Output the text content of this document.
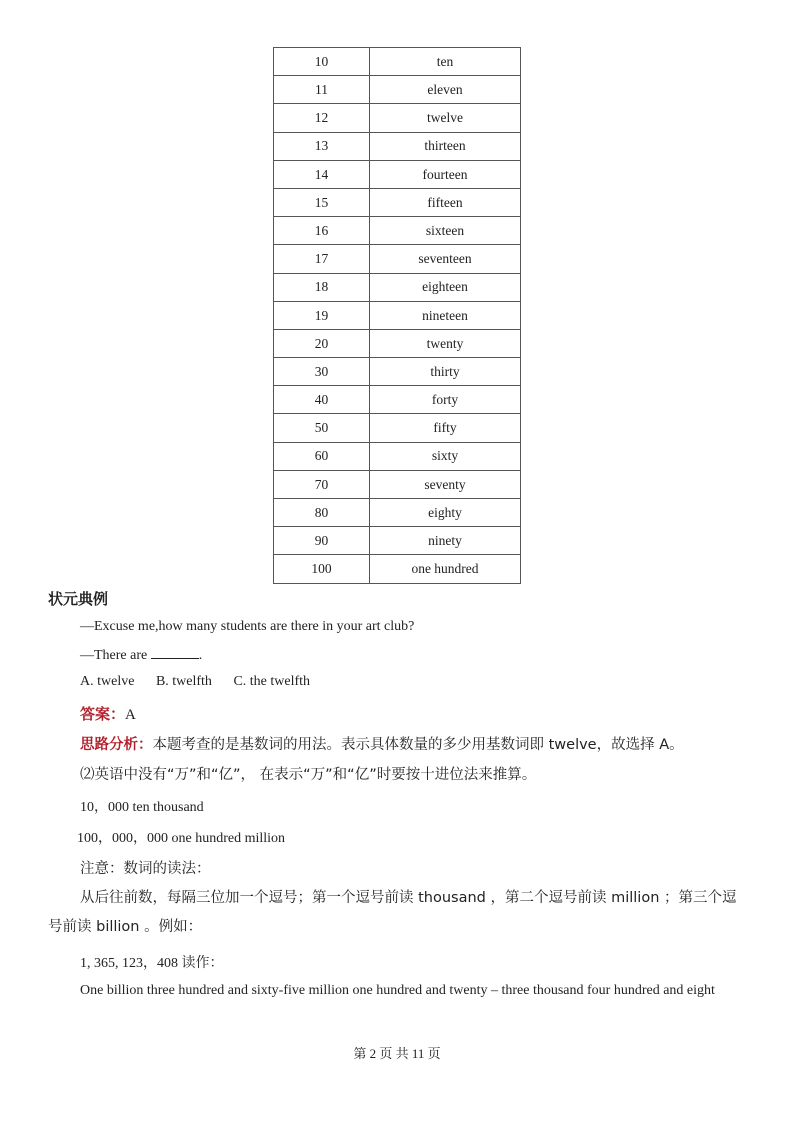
10	ten
11	eleven
12	twelve
13	thirteen
14	fourteen
15	fifteen
16	sixteen
17	seventeen
18	eighteen
19	nineteen
20	twenty
30	thirty
40	forty
50	fifty
60	sixty
70	seventy
80	eighty
90	ninety
100	one hundred
状元典例
—Excuse me,how many students are there in your art club?
—There are	.
A. twelve B. twelfth C. the twelfth
答案：A
思路分析：本题考查的是基数词的用法。表示具体数量的多少用基数词即 twelve，故选择 A。
⑵英语中没有“万”和“亿”， 在表示“万”和“亿”时要按十进位法来推算。
10，000 ten thousand
100，000，000 one hundred million
注意：数词的读法：
从后往前数，每隔三位加一个逗号；第一个逗号前读 thousand ，第二个逗号前读 million ；第三个逗号前读 billion 。例如：
1, 365, 123，408 读作：
One billion three hundred and sixty-five million one hundred and twenty – three thousand four hundred and eight
第 2 页 共 11 页
